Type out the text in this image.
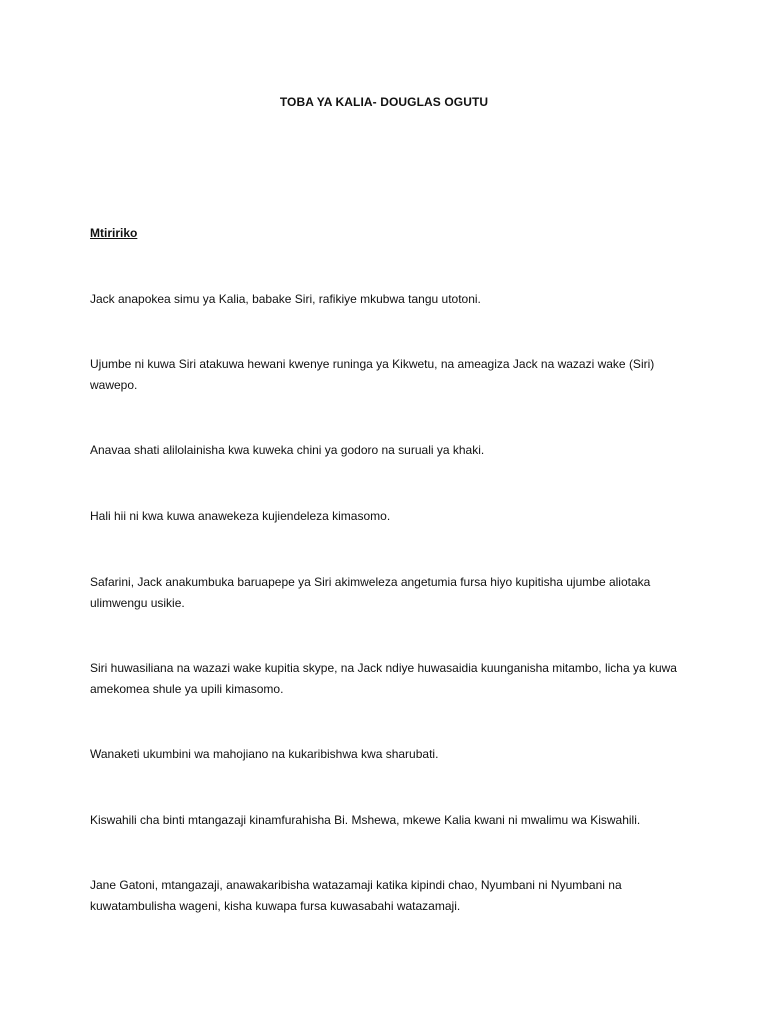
TOBA YA KALIA- DOUGLAS OGUTU
Mtiririko

Jack anapokea simu ya Kalia, babake Siri, rafikiye mkubwa tangu utotoni.

Ujumbe ni kuwa Siri atakuwa hewani kwenye runinga ya Kikwetu, na ameagiza Jack na wazazi wake (Siri) wawepo.

Anavaa shati alilolainisha kwa kuweka chini ya godoro na suruali ya khaki.

Hali hii ni kwa kuwa anawekeza kujiendeleza kimasomo.

Safarini, Jack anakumbuka baruapepe ya Siri akimweleza angetumia fursa hiyo kupitisha ujumbe aliotaka ulimwengu usikie.

Siri huwasiliana na wazazi wake kupitia skype, na Jack ndiye huwasaidia kuunganisha mitambo, licha ya kuwa amekomea shule ya upili kimasomo.

Wanaketi ukumbini wa mahojiano na kukaribishwa kwa sharubati.

Kiswahili cha binti mtangazaji kinamfurahisha Bi. Mshewa, mkewe Kalia kwani ni mwalimu wa Kiswahili.

Jane Gatoni, mtangazaji, anawakaribisha watazamaji katika kipindi chao, Nyumbani ni Nyumbani na kuwatambulisha wageni, kisha kuwapa fursa kuwasabahi watazamaji.
